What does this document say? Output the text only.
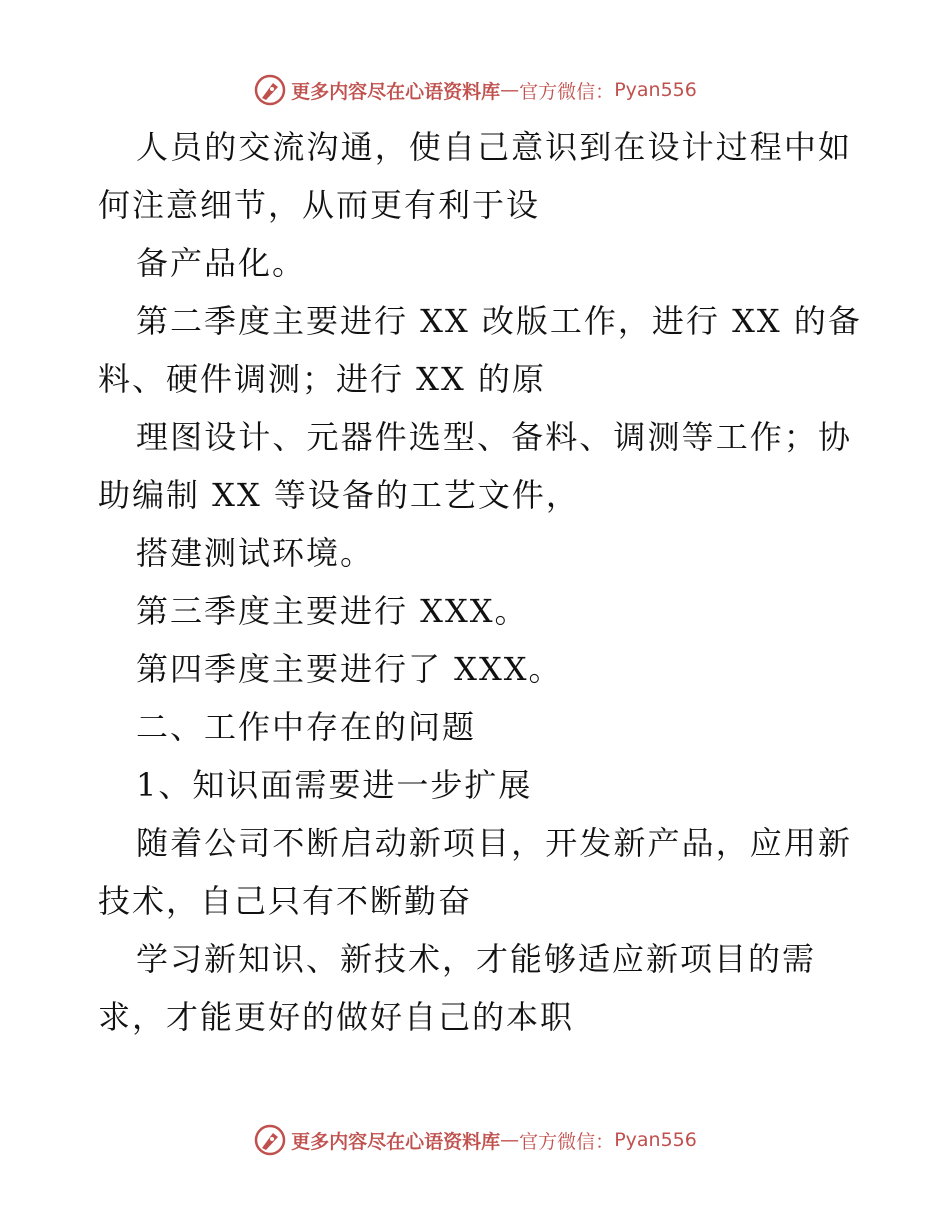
更多内容尽在心语资料库 — 官方微信： Pyan556
人员的交流沟通，使自己意识到在设计过程中如
何注意细节，从而更有利于设
备产品化。
第二季度主要进行 XX 改版工作，进行 XX 的备
料、硬件调测；进行 XX 的原
理图设计、元器件选型、备料、调测等工作；协
助编制 XX 等设备的工艺文件，
搭建测试环境。
第三季度主要进行 XXX。
第四季度主要进行了 XXX。
二、工作中存在的问题
1、知识面需要进一步扩展
随着公司不断启动新项目，开发新产品，应用新
技术，自己只有不断勤奋
学习新知识、新技术，才能够适应新项目的需
求，才能更好的做好自己的本职
更多内容尽在心语资料库 — 官方微信： Pyan556
